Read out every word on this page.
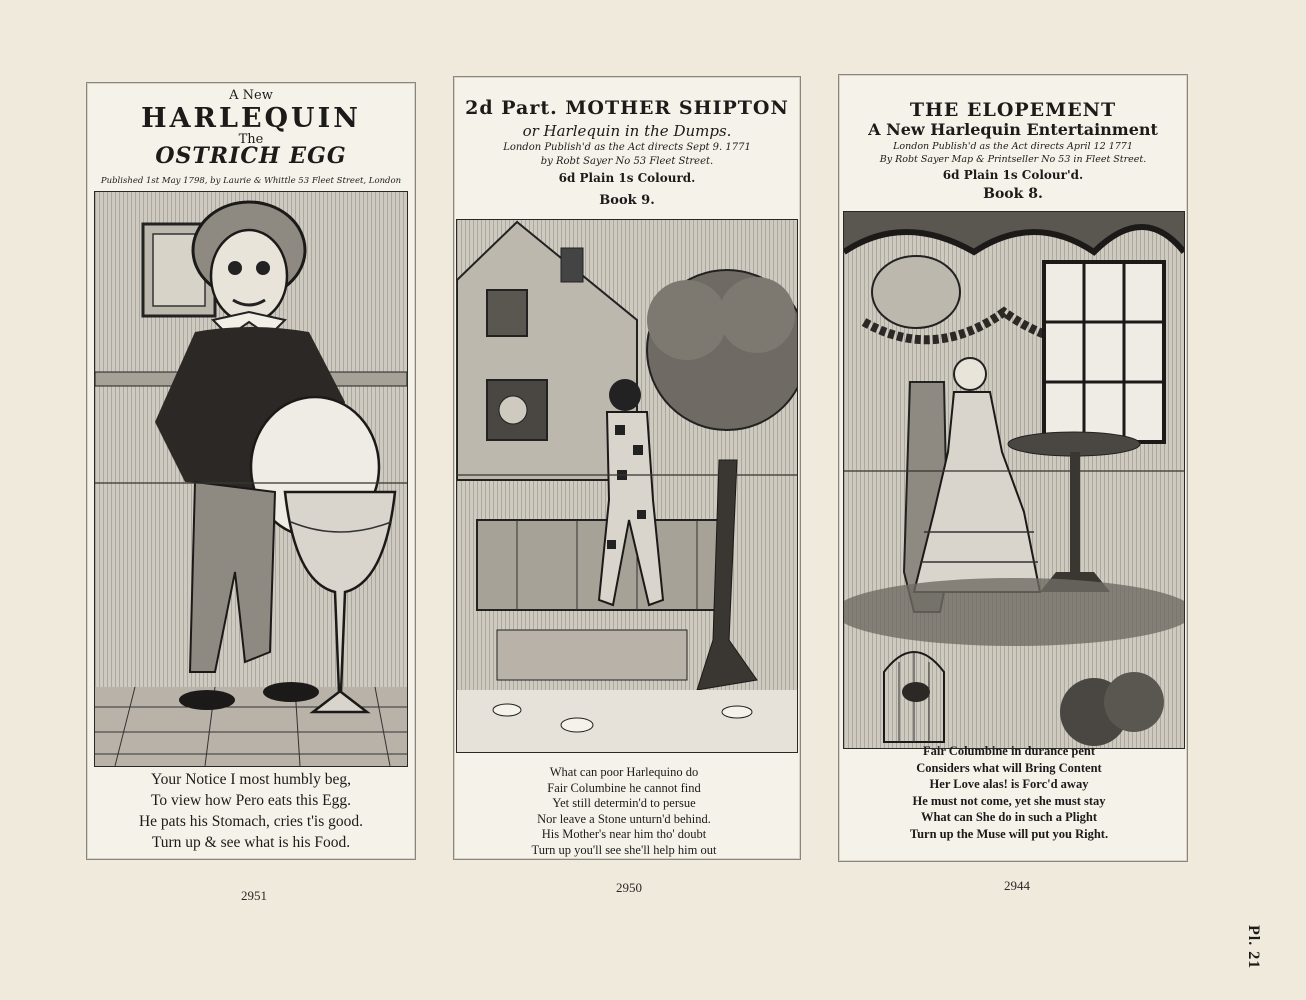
A New
HARLEQUIN
The
OSTRICH EGG
Published 1st May 1798, by Laurie & Whittle 53 Fleet Street, London
Your Notice I most humbly beg,
To view how Pero eats this Egg.
He pats his Stomach, cries t'is good.
Turn up & see what is his Food.
2951
2d Part. MOTHER SHIPTON
or Harlequin in the Dumps.
London Publish'd as the Act directs Sept 9. 1771
by Robt Sayer No 53 Fleet Street.
6d Plain 1s Colourd.
Book 9.
What can poor Harlequino do
Fair Columbine he cannot find
Yet still determin'd to persue
Nor leave a Stone unturn'd behind.
His Mother's near him tho' doubt
Turn up you'll see she'll help him out
2950
THE ELOPEMENT
A New Harlequin Entertainment
London Publish'd as the Act directs April 12 1771
By Robt Sayer Map & Printseller No 53 in Fleet Street.
6d Plain 1s Colour'd.
Book 8.
Fair Columbine in durance pent
Considers what will Bring Content
Her Love alas! is Forc'd away
He must not come, yet she must stay
What can She do in such a Plight
Turn up the Muse will put you Right.
2944
Pl. 21
